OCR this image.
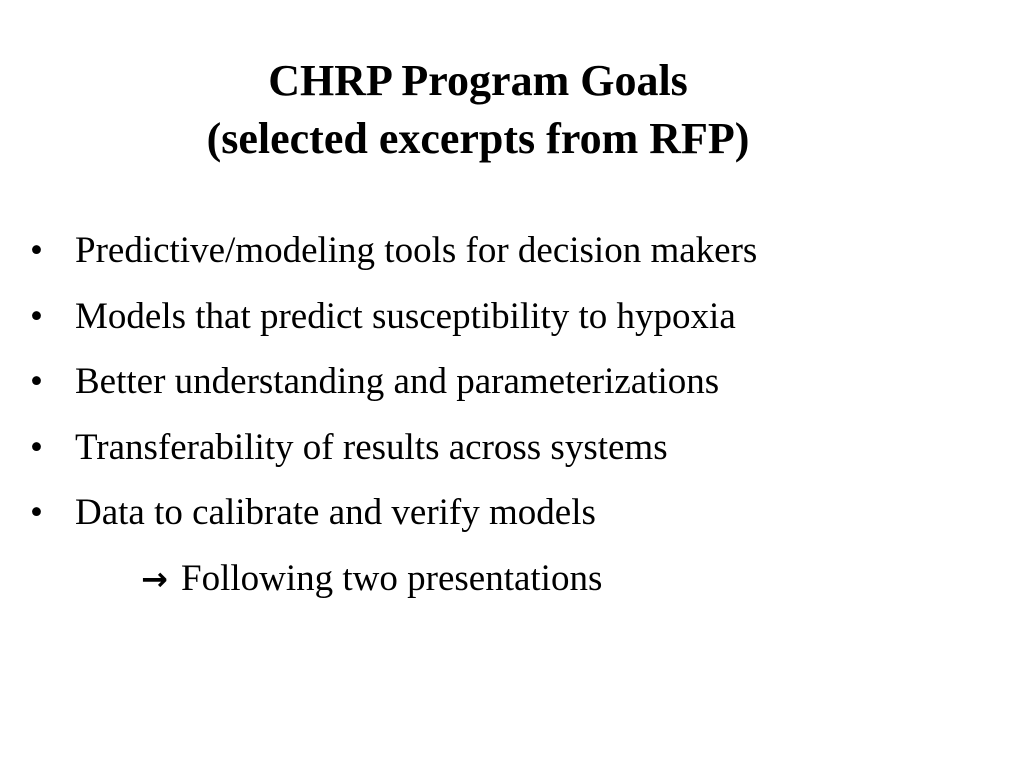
CHRP Program Goals
(selected excerpts from RFP)
• Predictive/modeling tools for decision makers
• Models that predict susceptibility to hypoxia
• Better understanding and parameterizations
• Transferability of results across systems
• Data to calibrate and verify models
→ Following two presentations
